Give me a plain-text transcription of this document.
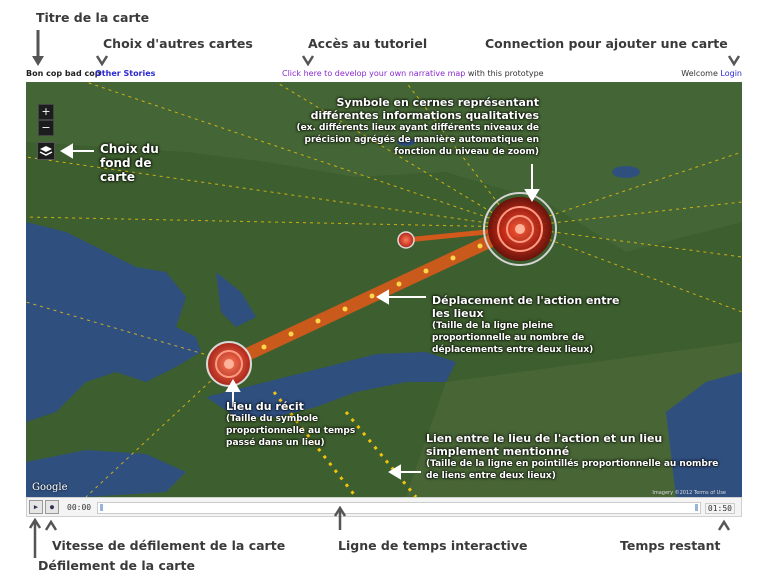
Titre de la carte
Choix d'autres cartes	Accès au tutoriel	Connection pour ajouter une carte
Bon cop bad cop
Other Stories	Click here to develop your own narrative map with this prototype	Welcome Login
+
−
Choix du fond de carte
Symbole en cernes représentant différentes informations qualitatives
(ex. différents lieux ayant différents niveaux de précision agrégés de manière automatique en fonction du niveau de zoom)
Déplacement de l'action entre les lieux
(Taille de la ligne pleine proportionnelle au nombre de déplacements entre deux lieux)
Lieu du récit
(Taille du symbole proportionnelle au temps passé dans un lieu)	Lien entre le lieu de l'action et un lieu simplement mentionné
(Taille de la ligne en pointillés proportionnelle au nombre de liens entre deux lieux)
Google	Imagery ©2012 Terms of Use
▶	●	00:00	01:50
Vitesse de défilement de la carte	Ligne de temps interactive	Temps restant
Défilement de la carte
